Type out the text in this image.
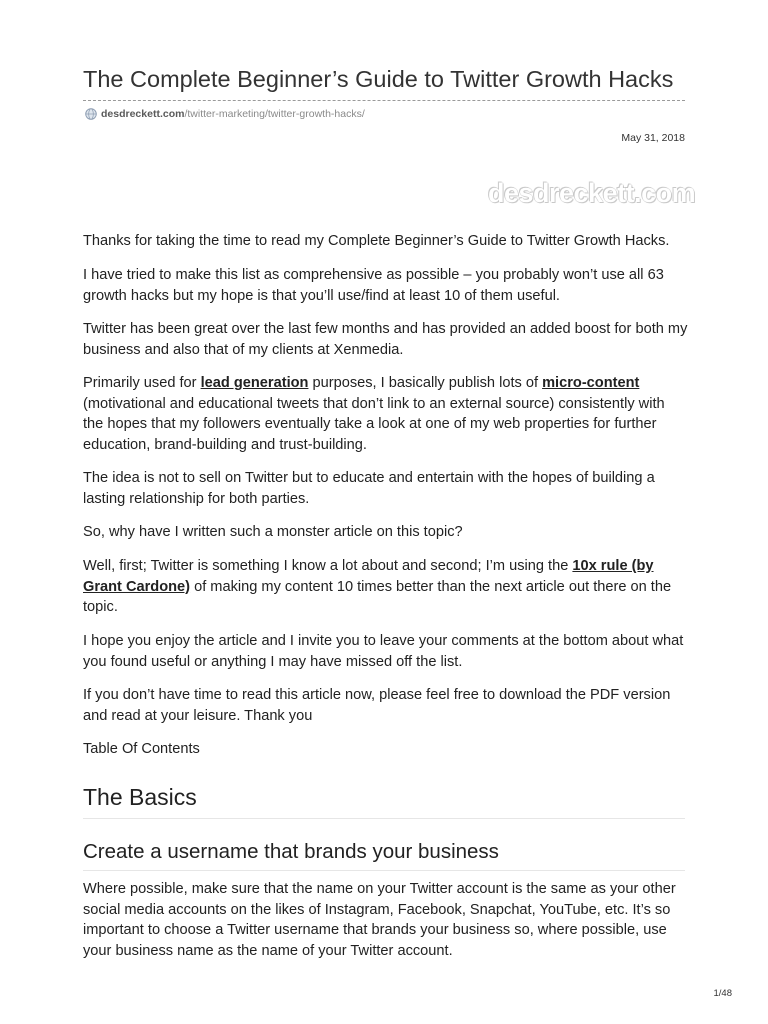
The Complete Beginner’s Guide to Twitter Growth Hacks
desdreckett.com/twitter-marketing/twitter-growth-hacks/
May 31, 2018
desdreckett.com

Thanks for taking the time to read my Complete Beginner’s Guide to Twitter Growth Hacks.

I have tried to make this list as comprehensive as possible – you probably won’t use all 63 growth hacks but my hope is that you’ll use/find at least 10 of them useful.

Twitter has been great over the last few months and has provided an added boost for both my business and also that of my clients at Xenmedia.

Primarily used for lead generation purposes, I basically publish lots of micro-content (motivational and educational tweets that don’t link to an external source) consistently with the hopes that my followers eventually take a look at one of my web properties for further education, brand-building and trust-building.

The idea is not to sell on Twitter but to educate and entertain with the hopes of building a lasting relationship for both parties.

So, why have I written such a monster article on this topic?

Well, first; Twitter is something I know a lot about and second; I’m using the 10x rule (by Grant Cardone) of making my content 10 times better than the next article out there on the topic.

I hope you enjoy the article and I invite you to leave your comments at the bottom about what you found useful or anything I may have missed off the list.

If you don’t have time to read this article now, please feel free to download the PDF version and read at your leisure. Thank you

Table Of Contents

The Basics
Create a username that brands your business

Where possible, make sure that the name on your Twitter account is the same as your other social media accounts on the likes of Instagram, Facebook, Snapchat, YouTube, etc. It’s so important to choose a Twitter username that brands your business so, where possible, use your business name as the name of your Twitter account.

1/48
